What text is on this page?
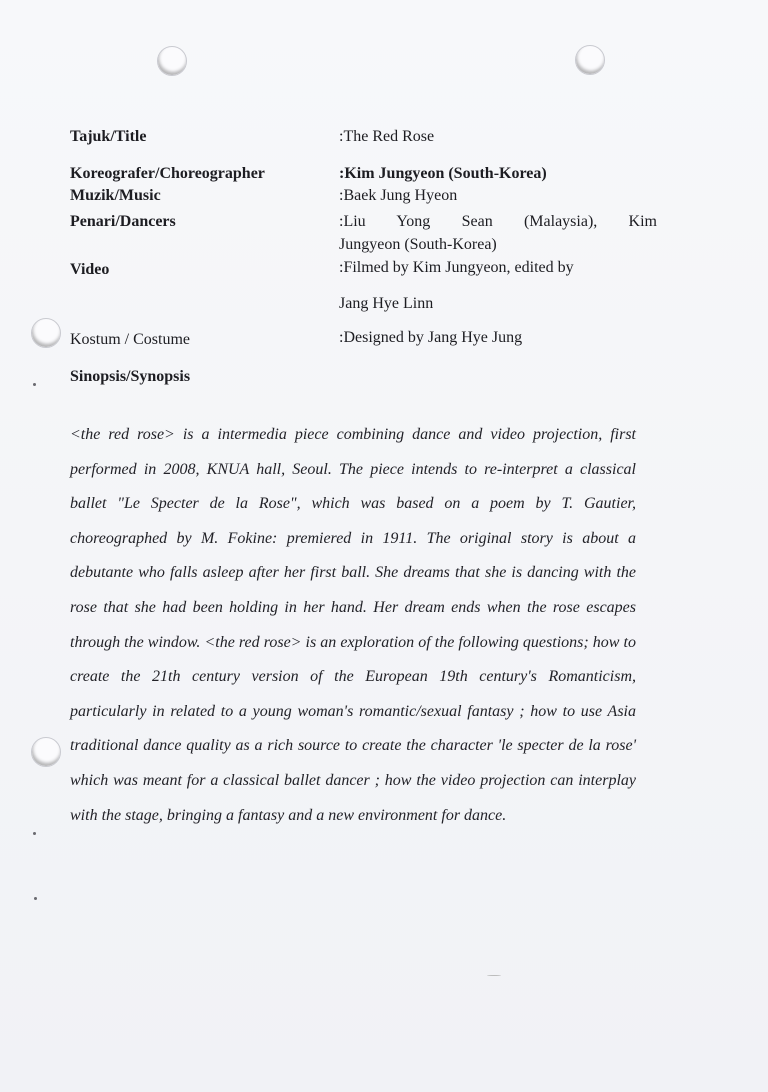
Tajuk/Title	:The Red Rose
Koreografer/Choreographer	:Kim Jungyeon (South-Korea)
Muzik/Music	:Baek Jung Hyeon
Penari/Dancers	:Liu Yong Sean (Malaysia), Kim
Jungyeon (South-Korea)
Video	:Filmed by Kim Jungyeon, edited by
Jang Hye Linn
Kostum / Costume	:Designed by Jang Hye Jung
Sinopsis/Synopsis
<the red rose> is a intermedia piece combining dance and video projection, first performed in 2008, KNUA hall, Seoul. The piece intends to re-interpret a classical ballet "Le Specter de la Rose", which was based on a poem by T. Gautier, choreographed by M. Fokine: premiered in 1911. The original story is about a debutante who falls asleep after her first ball. She dreams that she is dancing with the rose that she had been holding in her hand. Her dream ends when the rose escapes through the window. <the red rose> is an exploration of the following questions; how to create the 21th century version of the European 19th century's Romanticism, particularly in related to a young woman's romantic/sexual fantasy ; how to use Asia traditional dance quality as a rich source to create the character 'le specter de la rose' which was meant for a classical ballet dancer ; how the video projection can interplay with the stage, bringing a fantasy and a new environment for dance.
